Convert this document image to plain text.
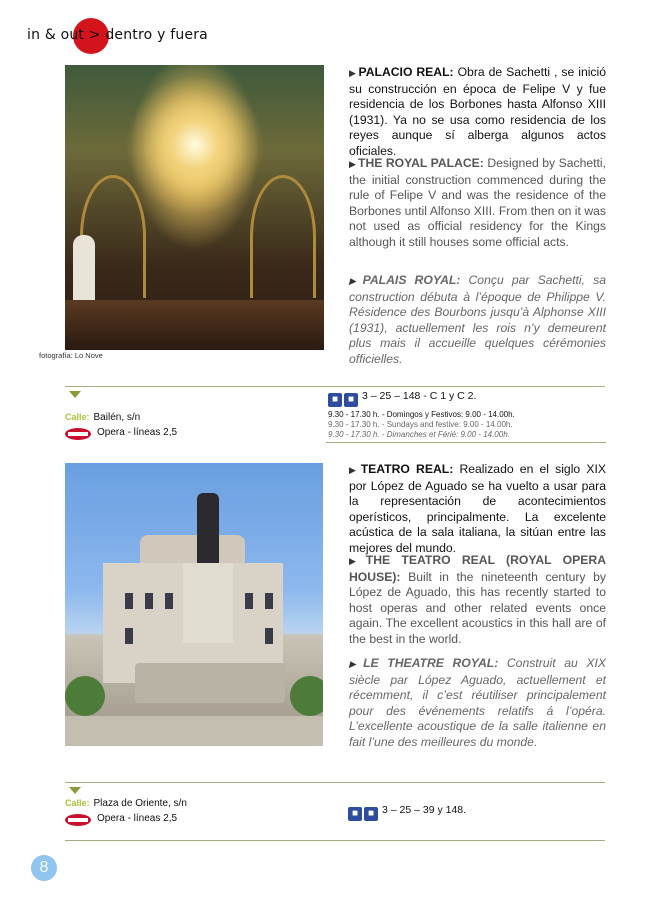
in & out > dentro y fuera
fotografía: Lo Nove

▶ PALACIO REAL: Obra de Sachetti , se inició su construcción en época de Felipe V y fue residencia de los Borbones hasta Alfonso XIII (1931). Ya no se usa como residencia de los reyes aunque sí alberga algunos actos oficiales.

▶ THE ROYAL PALACE: Designed by Sachetti, the initial construction commenced during the rule of Felipe V and was the residence of the Borbones until Alfonso XIII. From then on it was not used as official residency for the Kings although it still houses some official acts.

▶ PALAIS ROYAL: Conçu par Sachetti, sa construction débuta à l’époque de Philippe V. Résidence des Bourbons jusqu’à Alphonse XIII (1931), actuellement les rois n’y demeurent plus mais il accueille quelques cérémonies officielles.

Calle: Bailén, s/n
Opera - líneas 2,5
■ ■ 3 – 25 – 148 - C 1 y C 2.
9.30 - 17.30 h. - Domingos y Festivos: 9.00 - 14.00h.
9.30 - 17.30 h. - Sundays and festive: 9.00 - 14.00h.
9.30 - 17.30 h. - Dimanches et Férié: 9.00 - 14.00h.

▶ TEATRO REAL: Realizado en el siglo XIX por López de Aguado se ha vuelto a usar para la representación de acontecimientos operísticos, principalmente. La excelente acústica de la sala italiana, la sitúan entre las mejores del mundo.

▶ THE TEATRO REAL (ROYAL OPERA HOUSE): Built in the nineteenth century by López de Aguado, this has recently started to host operas and other related events once again. The excellent acoustics in this hall are of the best in the world.

▶ LE THEATRE ROYAL: Construit au XIX siècle par López Aguado, actuellement et récemment, il c’est réutiliser principalement pour des événements relatifs á l’opéra. L’excellente acoustique de la salle italienne en fait l’une des meilleures du monde.

Calle: Plaza de Oriente, s/n
Opera - líneas 2,5	■ ■ 3 – 25 – 39 y 148.
8
